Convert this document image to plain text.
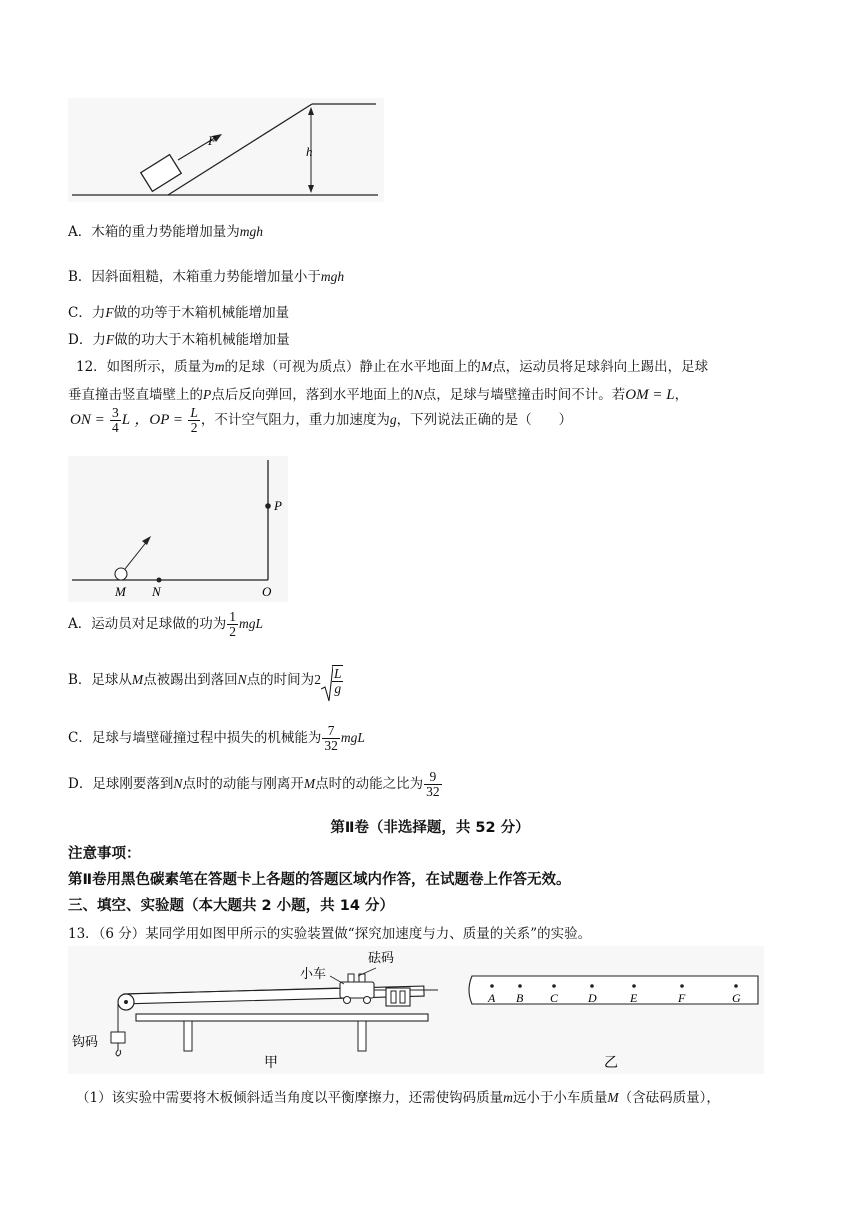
F
h
A．木箱的重力势能增加量为mgh
B．因斜面粗糙，木箱重力势能增加量小于mgh
C．力F做的功等于木箱机械能增加量
D．力F做的功大于木箱机械能增加量
12．如图所示，质量为m的足球（可视为质点）静止在水平地面上的M点，运动员将足球斜向上踢出，足球
垂直撞击竖直墙壁上的P点后反向弹回，落到水平地面上的N点，足球与墙壁撞击时间不计。若OM = L，
ON = $\frac{3}{4}$ L ，OP = $\frac{L}{2}$ ，不计空气阻力，重力加速度为g，下列说法正确的是（　　）
P
M N	O
A．运动员对足球做的功为 $\frac{1}{2}$ mgL
B．足球从M点被踢出到落回N点的时间为$2 \frac{L}{g}$
C．足球与墙壁碰撞过程中损失的机械能为 $\frac{7}{32}$ mgL
D．足球刚要落到N点时的动能与刚离开M点时的动能之比为 $\frac{9}{32}$
第Ⅱ卷（非选择题，共 52 分）
注意事项：
第Ⅱ卷用黑色碳素笔在答题卡上各题的答题区域内作答，在试题卷上作答无效。
三、填空、实验题（本大题共 2 小题，共 14 分）
13．（6 分）某同学用如图甲所示的实验装置做“探究加速度与力、质量的关系”的实验。
小车
砝码
钩码
甲
A B C D	E	F	G
乙
（1）该实验中需要将木板倾斜适当角度以平衡摩擦力，还需使钩码质量m远小于小车质量M（含砝码质量），
